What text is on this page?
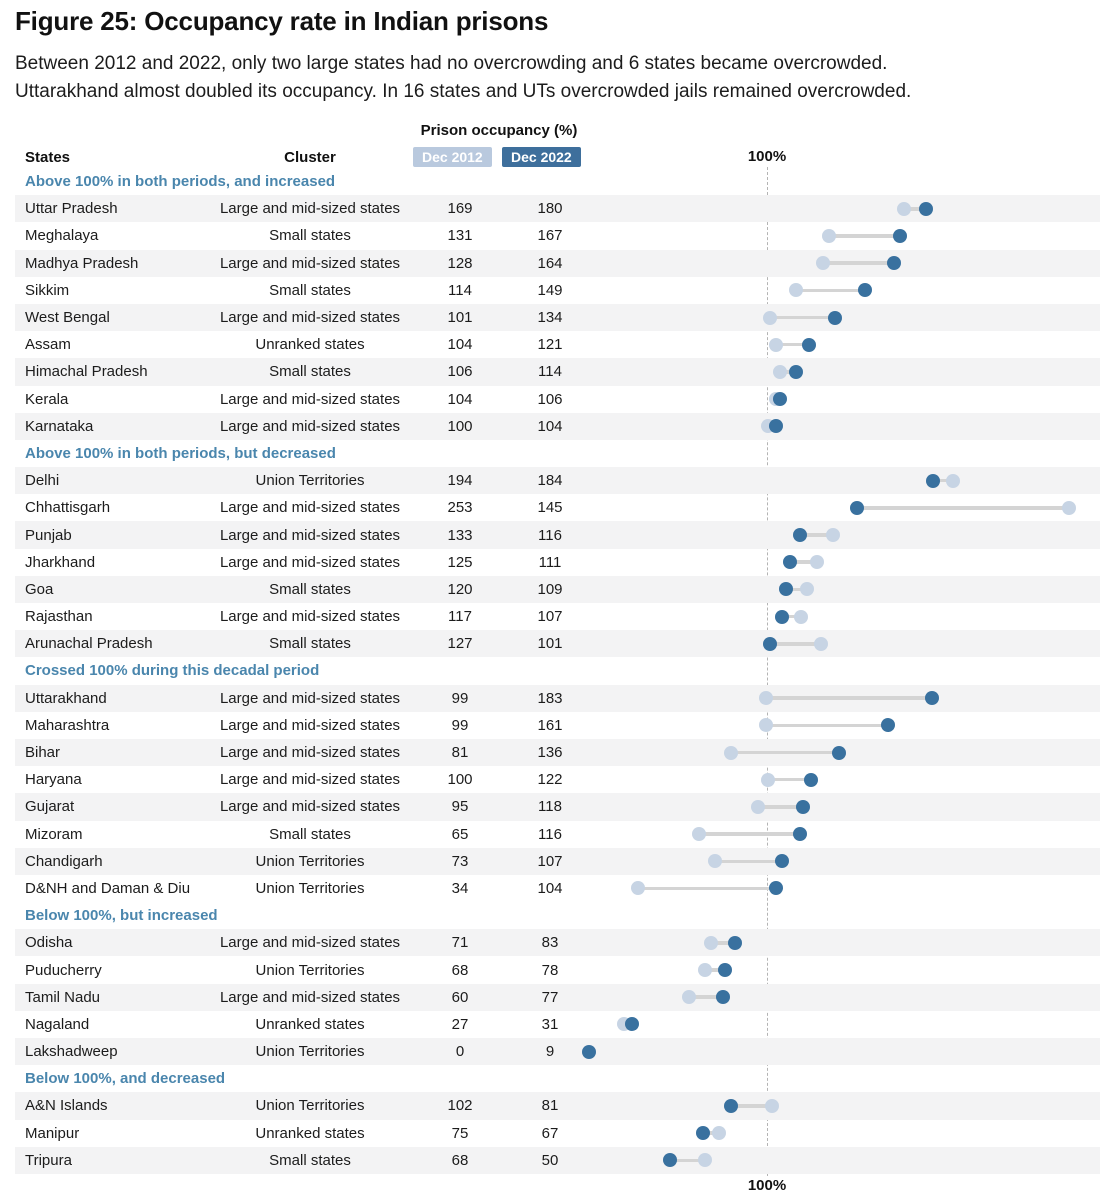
Figure 25: Occupancy rate in Indian prisons
Between 2012 and 2022, only two large states had no overcrowding and 6 states became overcrowded.
Uttarakhand almost doubled its occupancy. In 16 states and UTs overcrowded jails remained overcrowded.
Prison occupancy (%)
States	Cluster	Dec 2012	Dec 2022	100%
Above 100% in both periods, and increased
Uttar Pradesh	Large and mid-sized states	169	180
Meghalaya	Small states	131	167
Madhya Pradesh	Large and mid-sized states	128	164
Sikkim	Small states	114	149
West Bengal	Large and mid-sized states	101	134
Assam	Unranked states	104	121
Himachal Pradesh	Small states	106	114
Kerala	Large and mid-sized states	104	106
Karnataka	Large and mid-sized states	100	104
Above 100% in both periods, but decreased
Delhi	Union Territories	194	184
Chhattisgarh	Large and mid-sized states	253	145
Punjab	Large and mid-sized states	133	116
Jharkhand	Large and mid-sized states	125	111
Goa	Small states	120	109
Rajasthan	Large and mid-sized states	117	107
Arunachal Pradesh	Small states	127	101
Crossed 100% during this decadal period
Uttarakhand	Large and mid-sized states	99	183
Maharashtra	Large and mid-sized states	99	161
Bihar	Large and mid-sized states	81	136
Haryana	Large and mid-sized states	100	122
Gujarat	Large and mid-sized states	95	118
Mizoram	Small states	65	116
Chandigarh	Union Territories	73	107
D&NH and Daman & Diu	Union Territories	34	104
Below 100%, but increased
Odisha	Large and mid-sized states	71	83
Puducherry	Union Territories	68	78
Tamil Nadu	Large and mid-sized states	60	77
Nagaland	Unranked states	27	31
Lakshadweep	Union Territories	0	9
Below 100%, and decreased
A&N Islands	Union Territories	102	81
Manipur	Unranked states	75	67
Tripura	Small states	68	50
100%
